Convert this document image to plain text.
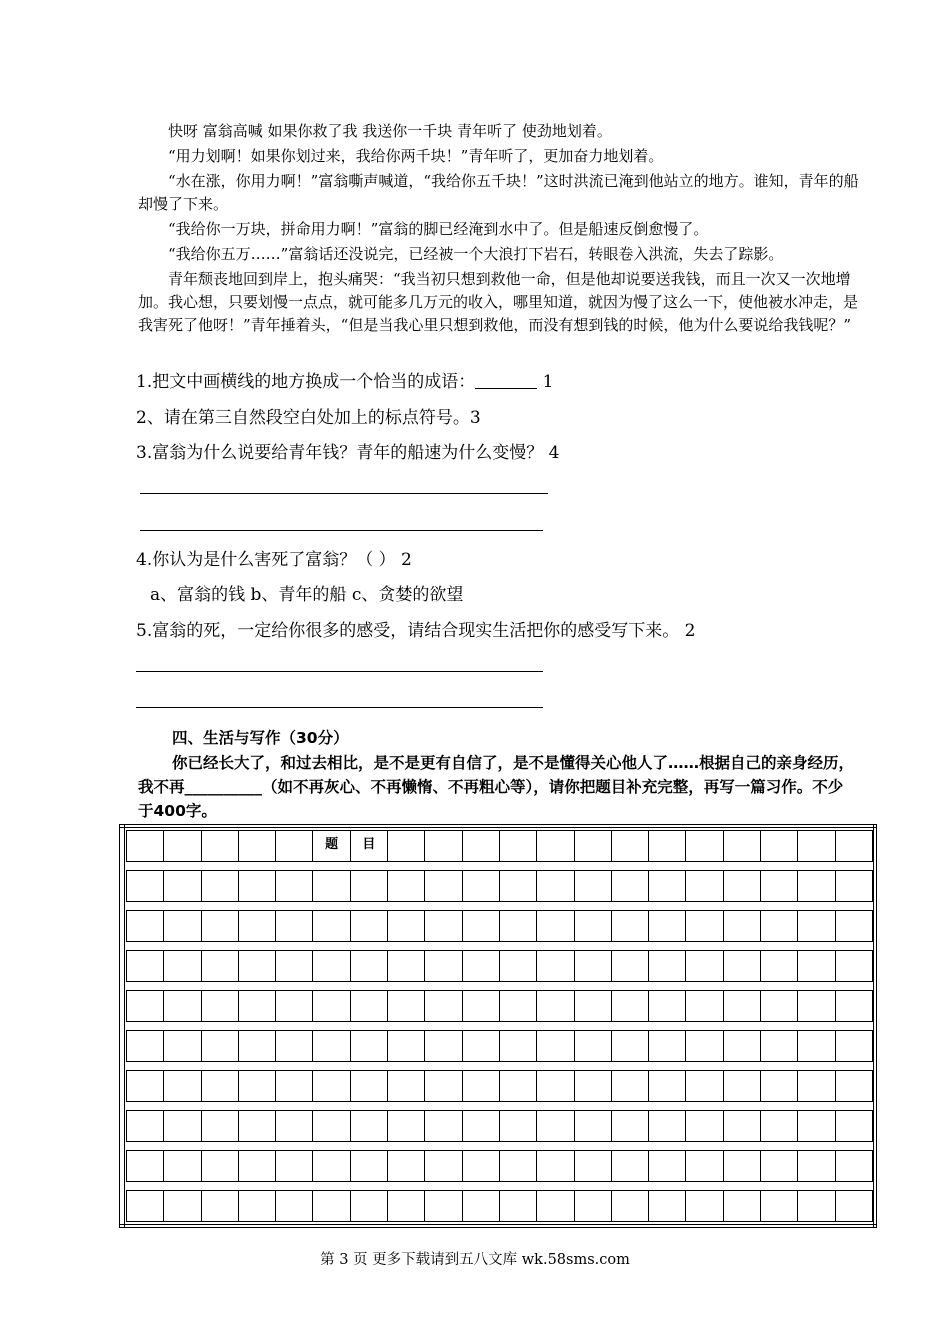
快呀 富翁高喊 如果你救了我 我送你一千块 青年听了 使劲地划着。
“用力划啊！如果你划过来，我给你两千块！”青年听了，更加奋力地划着。
“水在涨，你用力啊！”富翁嘶声喊道，“我给你五千块！”这时洪流已淹到他站立的地方。谁知，青年的船却慢了下来。
“我给你一万块，拼命用力啊！”富翁的脚已经淹到水中了。但是船速反倒愈慢了。
“我给你五万……”富翁话还没说完，已经被一个大浪打下岩石，转眼卷入洪流，失去了踪影。
青年颓丧地回到岸上，抱头痛哭：“我当初只想到救他一命，但是他却说要送我钱，而且一次又一次地增加。我心想，只要划慢一点点，就可能多几万元的收入，哪里知道，就因为慢了这么一下，使他被水冲走，是我害死了他呀！”青年捶着头，“但是当我心里只想到救他，而没有想到钱的时候，他为什么要说给我钱呢？”
1.把文中画横线的地方换成一个恰当的成语：	1
2、请在第三自然段空白处加上的标点符号。3
3.富翁为什么说要给青年钱？青年的船速为什么变慢？ 4
4.你认为是什么害死了富翁？（ ） 2
a、富翁的钱 b、青年的船 c、贪婪的欲望
5.富翁的死，一定给你很多的感受，请结合现实生活把你的感受写下来。 2
四、生活与写作（30分）
你已经长大了，和过去相比，是不是更有自信了，是不是懂得关心他人了……根据自己的亲身经历，我不再__________（如不再灰心、不再懒惰、不再粗心等），请你把题目补充完整，再写一篇习作。不少于400字。
题	目
第 3 页 更多下载请到五八文库 wk.58sms.com
